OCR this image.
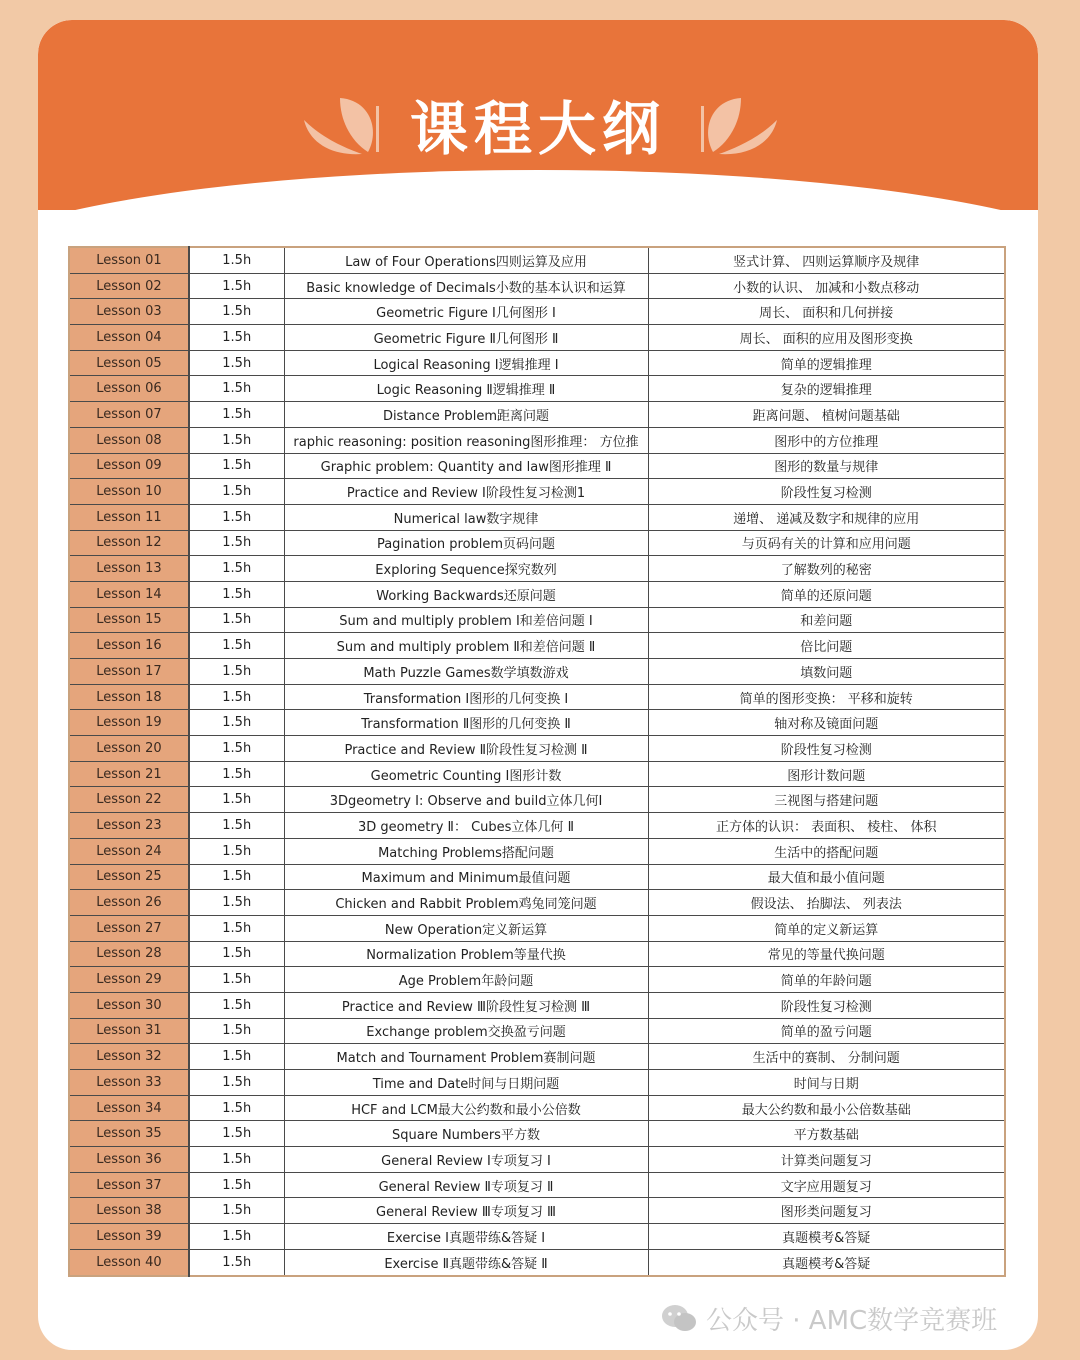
课程大纲
Lesson 01	1.5h	Law of Four Operations四则运算及应用	竖式计算、 四则运算顺序及规律
Lesson 02	1.5h	Basic knowledge of Decimals小数的基本认识和运算	小数的认识、 加减和小数点移动
Lesson 03	1.5h	Geometric Figure Ⅰ几何图形 Ⅰ	周长、 面积和几何拼接
Lesson 04	1.5h	Geometric Figure Ⅱ几何图形 Ⅱ	周长、 面积的应用及图形变换
Lesson 05	1.5h	Logical Reasoning Ⅰ逻辑推理 Ⅰ	简单的逻辑推理
Lesson 06	1.5h	Logic Reasoning Ⅱ逻辑推理 Ⅱ	复杂的逻辑推理
Lesson 07	1.5h	Distance Problem距离问题	距离问题、 植树问题基础
Lesson 08	1.5h	raphic reasoning: position reasoning图形推理： 方位推	图形中的方位推理
Lesson 09	1.5h	Graphic problem: Quantity and law图形推理 Ⅱ	图形的数量与规律
Lesson 10	1.5h	Practice and Review Ⅰ阶段性复习检测1	阶段性复习检测
Lesson 11	1.5h	Numerical law数字规律	递增、 递减及数字和规律的应用
Lesson 12	1.5h	Pagination problem页码问题	与页码有关的计算和应用问题
Lesson 13	1.5h	Exploring Sequence探究数列	了解数列的秘密
Lesson 14	1.5h	Working Backwards还原问题	简单的还原问题
Lesson 15	1.5h	Sum and multiply problem Ⅰ和差倍问题 Ⅰ	和差问题
Lesson 16	1.5h	Sum and multiply problem Ⅱ和差倍问题 Ⅱ	倍比问题
Lesson 17	1.5h	Math Puzzle Games数学填数游戏	填数问题
Lesson 18	1.5h	Transformation Ⅰ图形的几何变换 Ⅰ	简单的图形变换： 平移和旋转
Lesson 19	1.5h	Transformation Ⅱ图形的几何变换 Ⅱ	轴对称及镜面问题
Lesson 20	1.5h	Practice and Review Ⅱ阶段性复习检测 Ⅱ	阶段性复习检测
Lesson 21	1.5h	Geometric Counting Ⅰ图形计数	图形计数问题
Lesson 22	1.5h	3Dgeometry I: Observe and build立体几何Ⅰ	三视图与搭建问题
Lesson 23	1.5h	3D geometry Ⅱ： Cubes立体几何 Ⅱ	正方体的认识： 表面积、 棱柱、 体积
Lesson 24	1.5h	Matching Problems搭配问题	生活中的搭配问题
Lesson 25	1.5h	Maximum and Minimum最值问题	最大值和最小值问题
Lesson 26	1.5h	Chicken and Rabbit Problem鸡兔同笼问题	假设法、 抬脚法、 列表法
Lesson 27	1.5h	New Operation定义新运算	简单的定义新运算
Lesson 28	1.5h	Normalization Problem等量代换	常见的等量代换问题
Lesson 29	1.5h	Age Problem年龄问题	简单的年龄问题
Lesson 30	1.5h	Practice and Review Ⅲ阶段性复习检测 Ⅲ	阶段性复习检测
Lesson 31	1.5h	Exchange problem交换盈亏问题	简单的盈亏问题
Lesson 32	1.5h	Match and Tournament Problem赛制问题	生活中的赛制、 分制问题
Lesson 33	1.5h	Time and Date时间与日期问题	时间与日期
Lesson 34	1.5h	HCF and LCM最大公约数和最小公倍数	最大公约数和最小公倍数基础
Lesson 35	1.5h	Square Numbers平方数	平方数基础
Lesson 36	1.5h	General Review Ⅰ专项复习 Ⅰ	计算类问题复习
Lesson 37	1.5h	General Review Ⅱ专项复习 Ⅱ	文字应用题复习
Lesson 38	1.5h	General Review Ⅲ专项复习 Ⅲ	图形类问题复习
Lesson 39	1.5h	Exercise Ⅰ真题带练&答疑 Ⅰ	真题模考&答疑
Lesson 40	1.5h	Exercise Ⅱ真题带练&答疑 Ⅱ	真题模考&答疑
公众号 · AMC数学竞赛班
